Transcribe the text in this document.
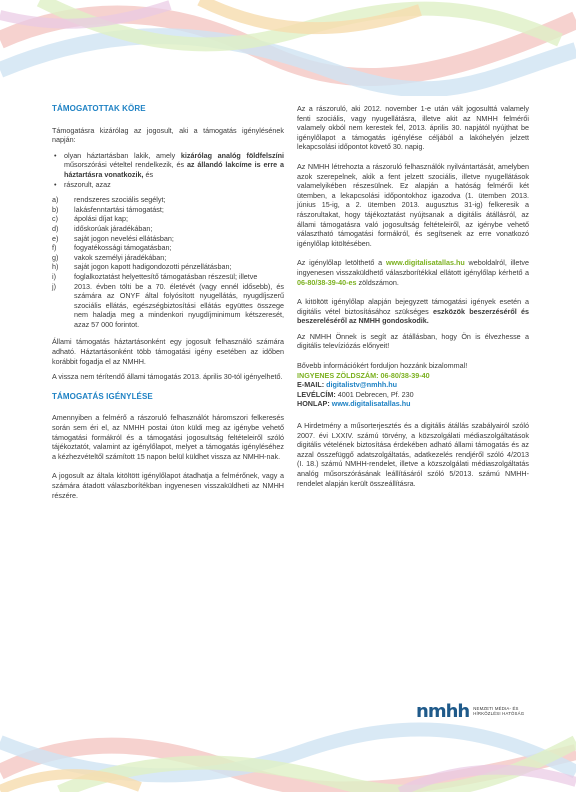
TÁMOGATOTTAK KÖRE

Támogatásra kizárólag az jogosult, aki a támogatás igénylésének napján:

• olyan háztartásban lakik, amely kizárólag analóg földfelszíni műsorszórási vételtel rendelkezik, és az állandó lakcíme is erre a háztartásra vonatkozik, és
• rászorult, azaz
a)	rendszeres szociális segélyt;
b)	lakásfenntartási támogatást;
c)	ápolási díjat kap;
d)	időskorúak járadékában;
e)	saját jogon nevelési ellátásban;
f)	fogyatékossági támogatásban;
g)	vakok személyi járadékában;
h)	saját jogon kapott hadigondozotti pénzellátásban;
i)	foglalkoztatást helyettesítő támogatásban részesül; illetve
j)	2013. évben tölti be a 70. életévét (vagy ennél idősebb), és számára az ONYF által folyósított nyugellátás, nyugdíjszerű szociális ellátás, egészségbiztosítási ellátás együttes összege nem haladja meg a mindenkori nyugdíjminimum kétszeresét, azaz 57 000 forintot.

Állami támogatás háztartásonként egy jogosult felhasználó számára adható. Háztartásonként több támogatási igény esetében az időben korábbit fogadja el az NMHH.

A vissza nem térítendő állami támogatás 2013. április 30-tól igényelhető.

TÁMOGATÁS IGÉNYLÉSE

Amennyiben a felmérő a rászoruló felhasználót háromszori felkeresés során sem éri el, az NMHH postai úton küldi meg az igénybe vehető támogatási formákról és a támogatási jogosultság feltételeiről szóló tájékoztatót, valamint az igénylőlapot, melyet a támogatás igényléséhez a kézhezvételtől számított 15 napon belül küldhet vissza az NMHH-nak.

A jogosult az általa kitöltött igénylőlapot átadhatja a felmérőnek, vagy a számára átadott válaszborítékban ingyenesen visszaküldheti az NMHH részére.

Az a rászoruló, aki 2012. november 1-e után vált jogosulttá valamely fenti szociális, vagy nyugellátásra, illetve akit az NMHH felmérői valamely okból nem kerestek fel, 2013. április 30. napjától nyújthat be igénylőlapot a támogatás igénylése céljából a lakóhelyén jelzett lekapcsolási időpontot követő 30. napig.

Az NMHH létrehozta a rászoruló felhasználók nyilvántartását, amelyben azok szerepelnek, akik a fent jelzett szociális, illetve nyugellátások valamelyikében részesülnek. Ez alapján a hatóság felmérői két ütemben, a lekapcsolási időpontokhoz igazodva (1. ütemben 2013. június 15-ig, a 2. ütemben 2013. augusztus 31-ig) felkeresik a rászorultakat, hogy tájékoztatást nyújtsanak a digitális átállásról, az állami támogatásra való jogosultság feltételeiről, az igénybe vehető választható támogatási formákról, és segítsenek az erre vonatkozó igénylőlap kitöltésében.

Az igénylőlap letölthető a www.digitalisatallas.hu weboldalról, illetve ingyenesen visszaküldhető válaszborítékkal ellátott igénylőlap kérhető a 06-80/38-39-40-es zöldszámon.

A kitöltött igénylőlap alapján bejegyzett támogatási igények esetén a digitális vétel biztosításához szükséges eszközök beszerzéséről és beszereléséről az NMHH gondoskodik.

Az NMHH Önnek is segít az átállásban, hogy Ön is élvezhesse a digitális televíziózás előnyeit!

Bővebb információkért forduljon hozzánk bizalommal!
INGYENES ZÖLDSZÁM: 06-80/38-39-40
E-MAIL: digitalistv@nmhh.hu
LEVÉLCÍM: 4001 Debrecen, Pf. 230
HONLAP: www.digitalisatallas.hu

A Hirdetmény a műsorterjesztés és a digitális átállás szabályairól szóló 2007. évi LXXIV. számú törvény, a közszolgálati médiaszolgáltatások digitális vételének biztosítása érdekében adható állami támogatás és az azzal összefüggő adatszolgáltatás, adatkezelés rendjéről szóló 4/2013 (I. 18.) számú NMHH-rendelet, illetve a közszolgálati médiaszolgáltatás analóg műsorszórásának leállításáról szóló 5/2013. számú NMHH-rendelet alapján került összeállításra.

nmhh NEMZETI MÉDIA- ÉS
HÍRKÖZLÉSI HATÓSÁG
